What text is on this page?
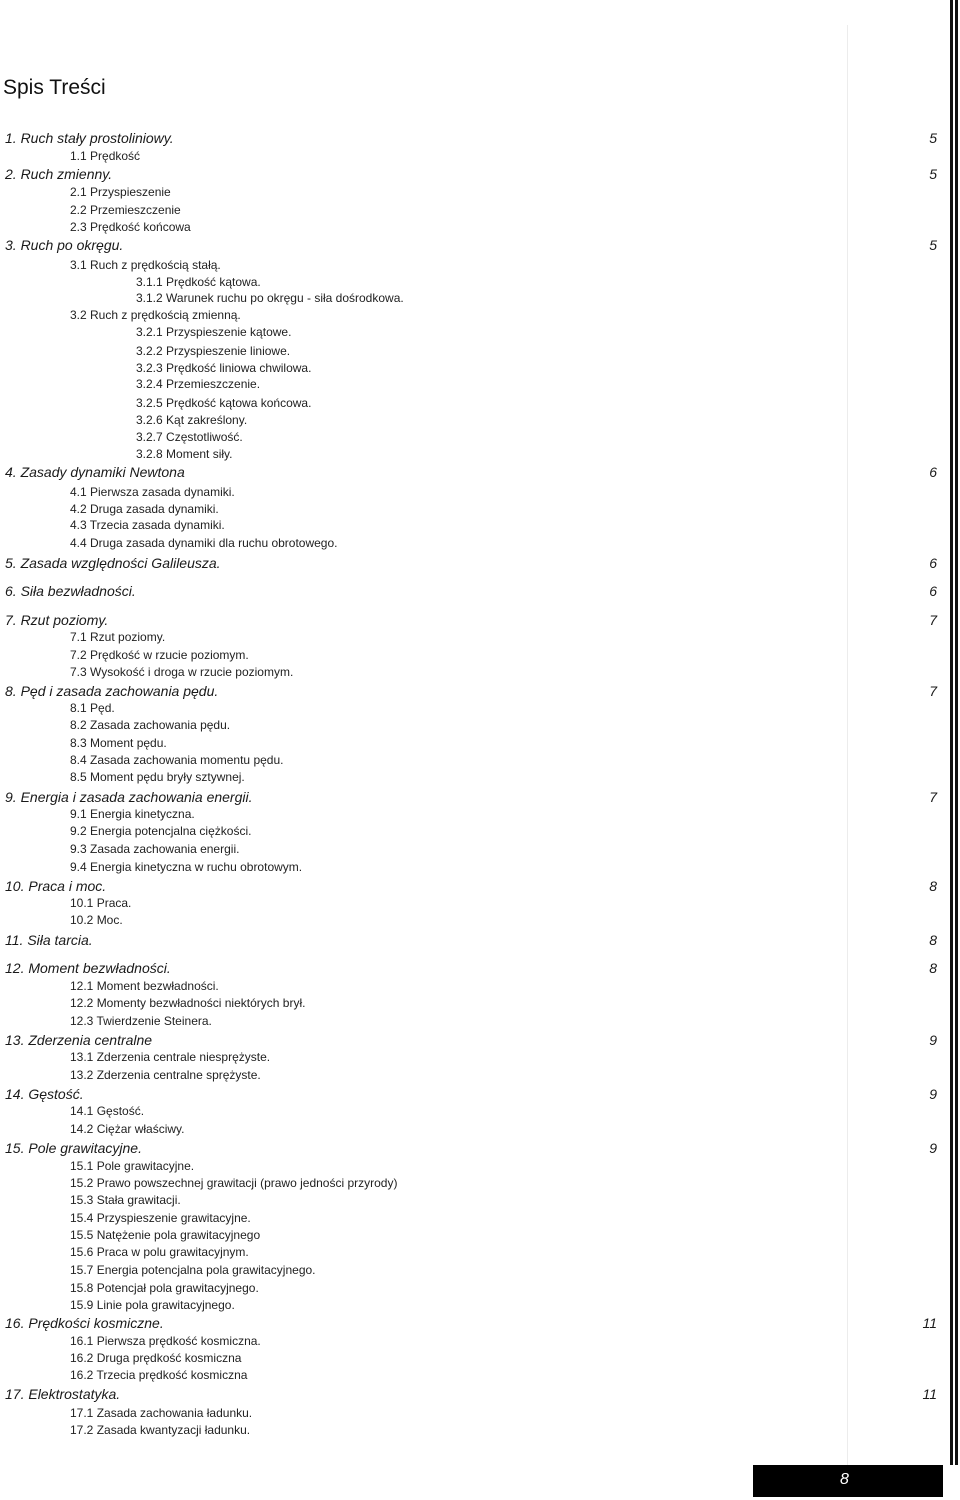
Spis Treści
1. Ruch stały prostoliniowy.	5
1.1 Prędkość
2. Ruch zmienny.	5
2.1 Przyspieszenie
2.2 Przemieszczenie
2.3 Prędkość końcowa
3. Ruch po okręgu.	5
3.1 Ruch z prędkością stałą.
3.1.1 Prędkość kątowa.
3.1.2 Warunek ruchu po okręgu - siła dośrodkowa.
3.2 Ruch z prędkością zmienną.
3.2.1 Przyspieszenie kątowe.
3.2.2 Przyspieszenie liniowe.
3.2.3 Prędkość liniowa chwilowa.
3.2.4 Przemieszczenie.
3.2.5 Prędkość kątowa końcowa.
3.2.6 Kąt zakreślony.
3.2.7 Częstotliwość.
3.2.8 Moment siły.
4. Zasady dynamiki Newtona	6
4.1 Pierwsza zasada dynamiki.
4.2 Druga zasada dynamiki.
4.3 Trzecia zasada dynamiki.
4.4 Druga zasada dynamiki dla ruchu obrotowego.
5. Zasada względności Galileusza.	6
6. Siła bezwładności.	6
7. Rzut poziomy.	7
7.1 Rzut poziomy.
7.2 Prędkość w rzucie poziomym.
7.3 Wysokość i droga w rzucie poziomym.
8. Pęd i zasada zachowania pędu.	7
8.1 Pęd.
8.2 Zasada zachowania pędu.
8.3 Moment pędu.
8.4 Zasada zachowania momentu pędu.
8.5 Moment pędu bryły sztywnej.
9. Energia i zasada zachowania energii.	7
9.1 Energia kinetyczna.
9.2 Energia potencjalna ciężkości.
9.3 Zasada zachowania energii.
9.4 Energia kinetyczna w ruchu obrotowym.
10. Praca i moc.	8
10.1 Praca.
10.2 Moc.
11. Siła tarcia.	8
12. Moment bezwładności.	8
12.1 Moment bezwładności.
12.2 Momenty bezwładności niektórych brył.
12.3 Twierdzenie Steinera.
13. Zderzenia centralne	9
13.1 Zderzenia centrale niesprężyste.
13.2 Zderzenia centralne sprężyste.
14. Gęstość.	9
14.1 Gęstość.
14.2 Ciężar właściwy.
15. Pole grawitacyjne.	9
15.1 Pole grawitacyjne.
15.2 Prawo powszechnej grawitacji (prawo jedności przyrody)
15.3 Stała grawitacji.
15.4 Przyspieszenie grawitacyjne.
15.5 Natężenie pola grawitacyjnego
15.6 Praca w polu grawitacyjnym.
15.7 Energia potencjalna pola grawitacyjnego.
15.8 Potencjał pola grawitacyjnego.
15.9 Linie pola grawitacyjnego.
16. Prędkości kosmiczne.	11
16.1 Pierwsza prędkość kosmiczna.
16.2 Druga prędkość kosmiczna
16.2 Trzecia prędkość kosmiczna
17. Elektrostatyka.	11
17.1 Zasada zachowania ładunku.
17.2 Zasada kwantyzacji ładunku.
8
